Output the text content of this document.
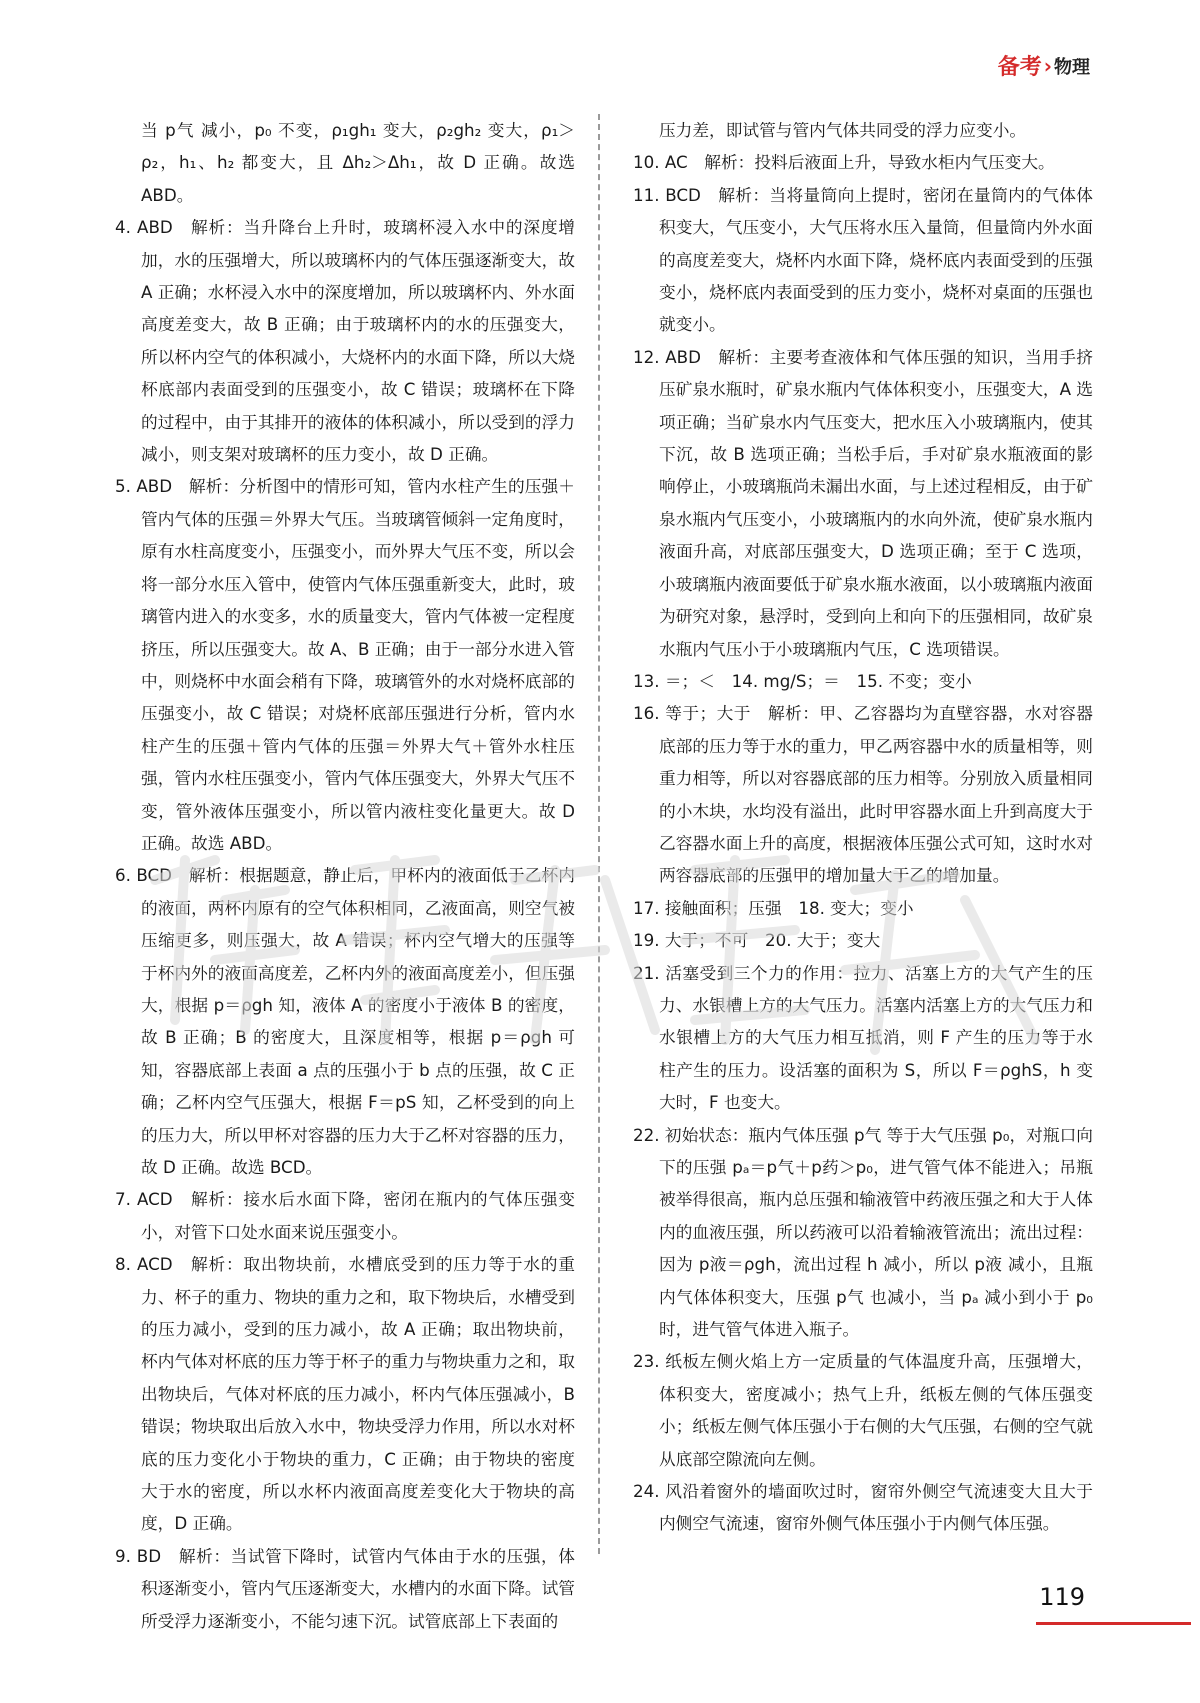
备考 › 物理

当 p气 减小，p₀ 不变，ρ₁gh₁ 变大，ρ₂gh₂ 变大，ρ₁＞ρ₂，h₁、h₂ 都变大，且 Δh₂＞Δh₁，故 D 正确。故选 ABD。

4. ABD　解析：当升降台上升时，玻璃杯浸入水中的深度增加，水的压强增大，所以玻璃杯内的气体压强逐渐变大，故 A 正确；水杯浸入水中的深度增加，所以玻璃杯内、外水面高度差变大，故 B 正确；由于玻璃杯内的水的压强变大，所以杯内空气的体积减小，大烧杯内的水面下降，所以大烧杯底部内表面受到的压强变小，故 C 错误；玻璃杯在下降的过程中，由于其排开的液体的体积减小，所以受到的浮力减小，则支架对玻璃杯的压力变小，故 D 正确。

5. ABD　解析：分析图中的情形可知，管内水柱产生的压强＋管内气体的压强＝外界大气压。当玻璃管倾斜一定角度时，原有水柱高度变小，压强变小，而外界大气压不变，所以会将一部分水压入管中，使管内气体压强重新变大，此时，玻璃管内进入的水变多，水的质量变大，管内气体被一定程度挤压，所以压强变大。故 A、B 正确；由于一部分水进入管中，则烧杯中水面会稍有下降，玻璃管外的水对烧杯底部的压强变小，故 C 错误；对烧杯底部压强进行分析，管内水柱产生的压强＋管内气体的压强＝外界大气＋管外水柱压强，管内水柱压强变小，管内气体压强变大，外界大气压不变，管外液体压强变小，所以管内液柱变化量更大。故 D 正确。故选 ABD。

6. BCD　解析：根据题意，静止后，甲杯内的液面低于乙杯内的液面，两杯内原有的空气体积相同，乙液面高，则空气被压缩更多，则压强大，故 A 错误；杯内空气增大的压强等于杯内外的液面高度差，乙杯内外的液面高度差小，但压强大，根据 p＝ρgh 知，液体 A 的密度小于液体 B 的密度，故 B 正确；B 的密度大，且深度相等，根据 p＝ρgh 可知，容器底部上表面 a 点的压强小于 b 点的压强，故 C 正确；乙杯内空气压强大，根据 F＝pS 知，乙杯受到的向上的压力大，所以甲杯对容器的压力大于乙杯对容器的压力，故 D 正确。故选 BCD。

7. ACD　解析：接水后水面下降，密闭在瓶内的气体压强变小，对管下口处水面来说压强变小。

8. ACD　解析：取出物块前，水槽底受到的压力等于水的重力、杯子的重力、物块的重力之和，取下物块后，水槽受到的压力减小，受到的压力减小，故 A 正确；取出物块前，杯内气体对杯底的压力等于杯子的重力与物块重力之和，取出物块后，气体对杯底的压力减小，杯内气体压强减小，B 错误；物块取出后放入水中，物块受浮力作用，所以水对杯底的压力变化小于物块的重力，C 正确；由于物块的密度大于水的密度，所以水杯内液面高度差变化大于物块的高度，D 正确。

9. BD　解析：当试管下降时，试管内气体由于水的压强，体积逐渐变小，管内气压逐渐变大，水槽内的水面下降。试管所受浮力逐渐变小，不能匀速下沉。试管底部上下表面的

压力差，即试管与管内气体共同受的浮力应变小。

10. AC　解析：投料后液面上升，导致水柜内气压变大。

11. BCD　解析：当将量筒向上提时，密闭在量筒内的气体体积变大，气压变小，大气压将水压入量筒，但量筒内外水面的高度差变大，烧杯内水面下降，烧杯底内表面受到的压强变小，烧杯底内表面受到的压力变小，烧杯对桌面的压强也就变小。

12. ABD　解析：主要考查液体和气体压强的知识，当用手挤压矿泉水瓶时，矿泉水瓶内气体体积变小，压强变大，A 选项正确；当矿泉水内气压变大，把水压入小玻璃瓶内，使其下沉，故 B 选项正确；当松手后，手对矿泉水瓶液面的影响停止，小玻璃瓶尚未漏出水面，与上述过程相反，由于矿泉水瓶内气压变小，小玻璃瓶内的水向外流，使矿泉水瓶内液面升高，对底部压强变大，D 选项正确；至于 C 选项，小玻璃瓶内液面要低于矿泉水瓶水液面，以小玻璃瓶内液面为研究对象，悬浮时，受到向上和向下的压强相同，故矿泉水瓶内气压小于小玻璃瓶内气压，C 选项错误。

13. ＝；＜　14. mg/S；＝　15. 不变；变小

16. 等于；大于　解析：甲、乙容器均为直壁容器，水对容器底部的压力等于水的重力，甲乙两容器中水的质量相等，则重力相等，所以对容器底部的压力相等。分别放入质量相同的小木块，水均没有溢出，此时甲容器水面上升到高度大于乙容器水面上升的高度，根据液体压强公式可知，这时水对两容器底部的压强甲的增加量大于乙的增加量。

17. 接触面积；压强　18. 变大；变小

19. 大于；不可　20. 大于；变大

21. 活塞受到三个力的作用：拉力、活塞上方的大气产生的压力、水银槽上方的大气压力。活塞内活塞上方的大气压力和水银槽上方的大气压力相互抵消，则 F 产生的压力等于水柱产生的压力。设活塞的面积为 S，所以 F＝ρghS，h 变大时，F 也变大。

22. 初始状态：瓶内气体压强 p气 等于大气压强 p₀，对瓶口向下的压强 pₐ＝p气＋p药＞p₀，进气管气体不能进入；吊瓶被举得很高，瓶内总压强和输液管中药液压强之和大于人体内的血液压强，所以药液可以沿着输液管流出；流出过程：因为 p液＝ρgh，流出过程 h 减小，所以 p液 减小，且瓶内气体体积变大，压强 p气 也减小，当 pₐ 减小到小于 p₀ 时，进气管气体进入瓶子。

23. 纸板左侧火焰上方一定质量的气体温度升高，压强增大，体积变大，密度减小；热气上升，纸板左侧的气体压强变小；纸板左侧气体压强小于右侧的大气压强，右侧的空气就从底部空隙流向左侧。

24. 风沿着窗外的墙面吹过时，窗帘外侧空气流速变大且大于内侧空气流速，窗帘外侧气体压强小于内侧气体压强。

119
